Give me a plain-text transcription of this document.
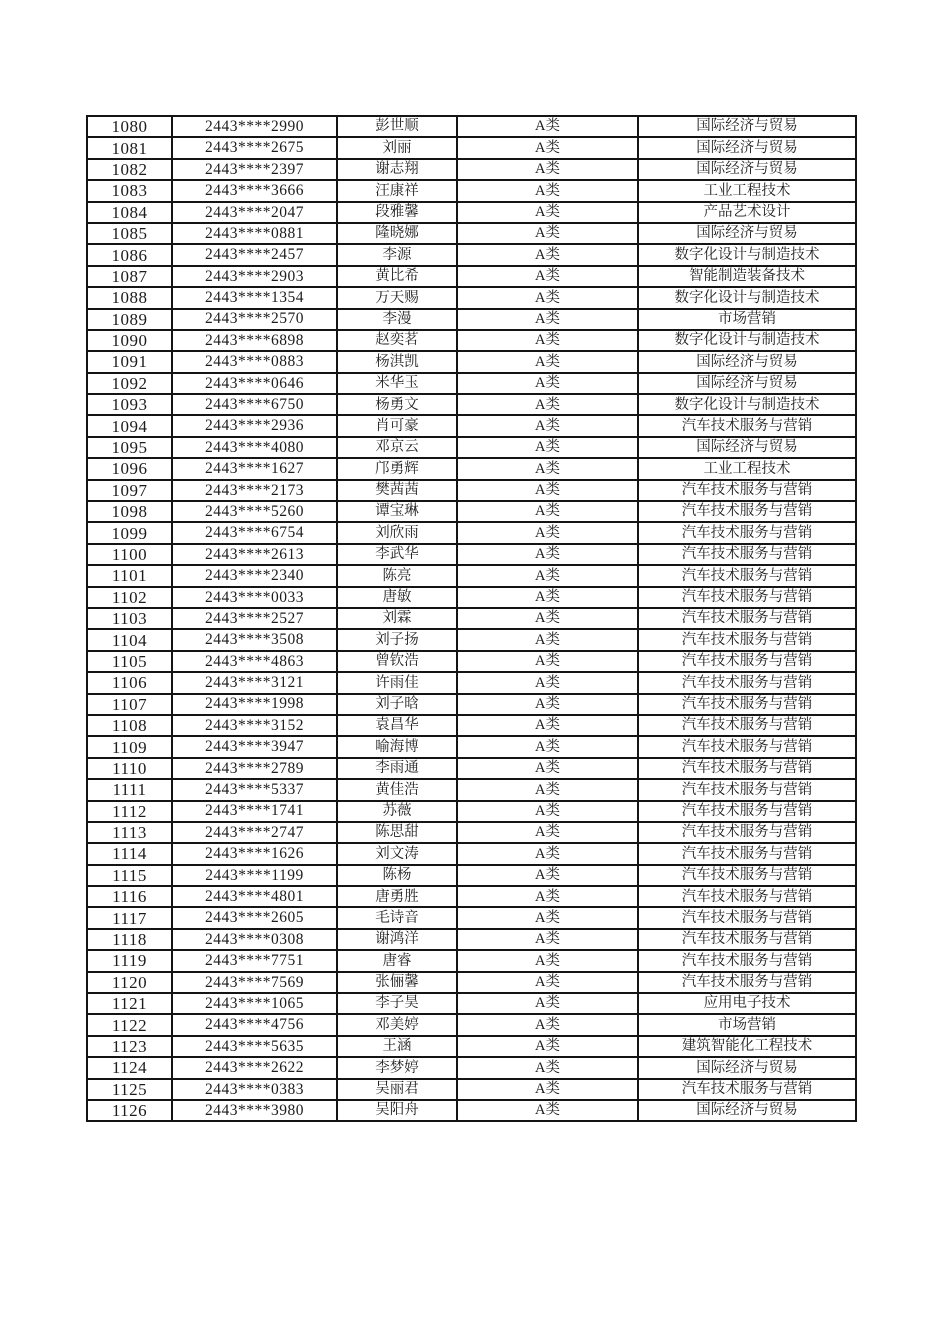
1080	2443****2990	彭世顺	A类	国际经济与贸易
1081	2443****2675	刘丽	A类	国际经济与贸易
1082	2443****2397	谢志翔	A类	国际经济与贸易
1083	2443****3666	汪康祥	A类	工业工程技术
1084	2443****2047	段雅馨	A类	产品艺术设计
1085	2443****0881	隆晓娜	A类	国际经济与贸易
1086	2443****2457	李源	A类	数字化设计与制造技术
1087	2443****2903	黄比希	A类	智能制造装备技术
1088	2443****1354	万天赐	A类	数字化设计与制造技术
1089	2443****2570	李漫	A类	市场营销
1090	2443****6898	赵奕茗	A类	数字化设计与制造技术
1091	2443****0883	杨淇凯	A类	国际经济与贸易
1092	2443****0646	米华玉	A类	国际经济与贸易
1093	2443****6750	杨勇文	A类	数字化设计与制造技术
1094	2443****2936	肖可豪	A类	汽车技术服务与营销
1095	2443****4080	邓京云	A类	国际经济与贸易
1096	2443****1627	邝勇辉	A类	工业工程技术
1097	2443****2173	樊茜茜	A类	汽车技术服务与营销
1098	2443****5260	谭宝琳	A类	汽车技术服务与营销
1099	2443****6754	刘欣雨	A类	汽车技术服务与营销
1100	2443****2613	李武华	A类	汽车技术服务与营销
1101	2443****2340	陈亮	A类	汽车技术服务与营销
1102	2443****0033	唐敏	A类	汽车技术服务与营销
1103	2443****2527	刘霖	A类	汽车技术服务与营销
1104	2443****3508	刘子扬	A类	汽车技术服务与营销
1105	2443****4863	曾钦浩	A类	汽车技术服务与营销
1106	2443****3121	许雨佳	A类	汽车技术服务与营销
1107	2443****1998	刘子晗	A类	汽车技术服务与营销
1108	2443****3152	袁昌华	A类	汽车技术服务与营销
1109	2443****3947	喻海博	A类	汽车技术服务与营销
1110	2443****2789	李雨通	A类	汽车技术服务与营销
1111	2443****5337	黄佳浩	A类	汽车技术服务与营销
1112	2443****1741	苏薇	A类	汽车技术服务与营销
1113	2443****2747	陈思甜	A类	汽车技术服务与营销
1114	2443****1626	刘文涛	A类	汽车技术服务与营销
1115	2443****1199	陈杨	A类	汽车技术服务与营销
1116	2443****4801	唐勇胜	A类	汽车技术服务与营销
1117	2443****2605	毛诗音	A类	汽车技术服务与营销
1118	2443****0308	谢鸿洋	A类	汽车技术服务与营销
1119	2443****7751	唐睿	A类	汽车技术服务与营销
1120	2443****7569	张俪馨	A类	汽车技术服务与营销
1121	2443****1065	李子昊	A类	应用电子技术
1122	2443****4756	邓美婷	A类	市场营销
1123	2443****5635	王涵	A类	建筑智能化工程技术
1124	2443****2622	李梦婷	A类	国际经济与贸易
1125	2443****0383	吴丽君	A类	汽车技术服务与营销
1126	2443****3980	吴阳舟	A类	国际经济与贸易
